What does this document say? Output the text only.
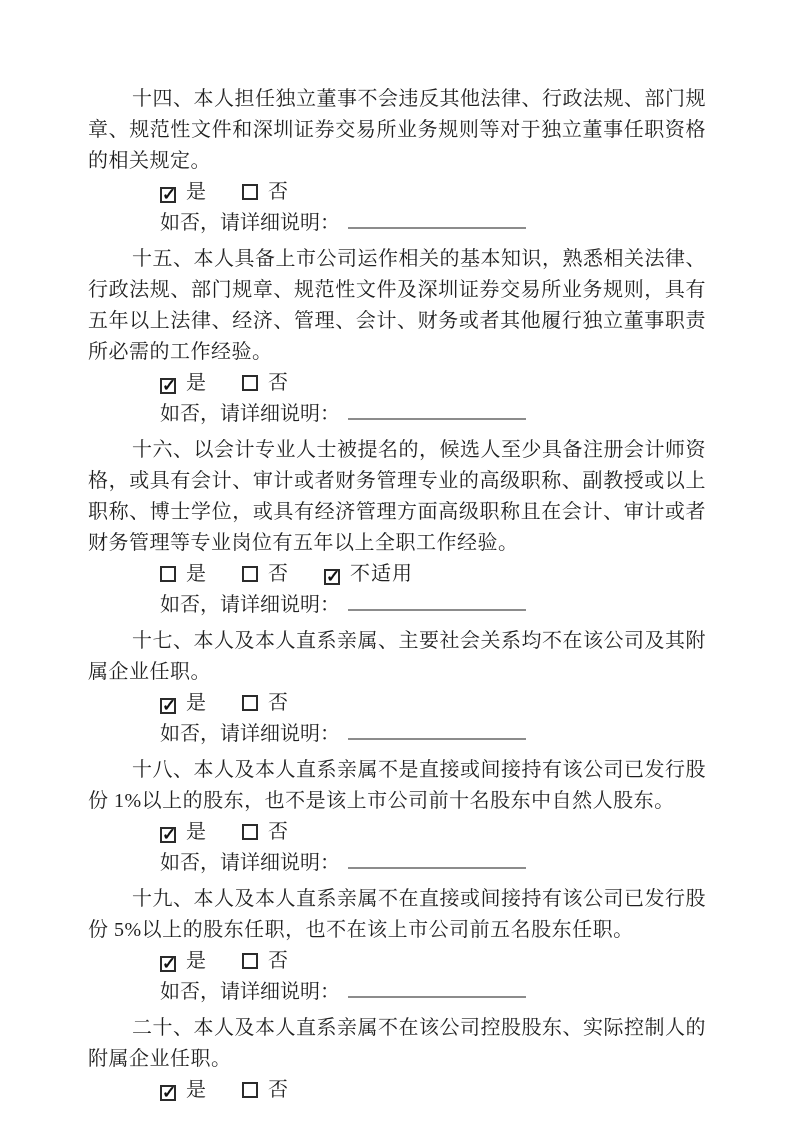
十四、本人担任独立董事不会违反其他法律、行政法规、部门规章、规范性文件和深圳证券交易所业务规则等对于独立董事任职资格的相关规定。

✓ 是	否
如否，请详细说明：

十五、本人具备上市公司运作相关的基本知识，熟悉相关法律、行政法规、部门规章、规范性文件及深圳证券交易所业务规则，具有五年以上法律、经济、管理、会计、财务或者其他履行独立董事职责所必需的工作经验。

✓ 是	否
如否，请详细说明：

十六、以会计专业人士被提名的，候选人至少具备注册会计师资格，或具有会计、审计或者财务管理专业的高级职称、副教授或以上职称、博士学位，或具有经济管理方面高级职称且在会计、审计或者财务管理等专业岗位有五年以上全职工作经验。

是	否 ✓ 不适用
如否，请详细说明：

十七、本人及本人直系亲属、主要社会关系均不在该公司及其附属企业任职。

✓ 是	否
如否，请详细说明：

十八、本人及本人直系亲属不是直接或间接持有该公司已发行股份 1%以上的股东，也不是该上市公司前十名股东中自然人股东。

✓ 是	否
如否，请详细说明：

十九、本人及本人直系亲属不在直接或间接持有该公司已发行股份 5%以上的股东任职，也不在该上市公司前五名股东任职。

✓ 是	否
如否，请详细说明：

二十、本人及本人直系亲属不在该公司控股股东、实际控制人的附属企业任职。

✓ 是	否
